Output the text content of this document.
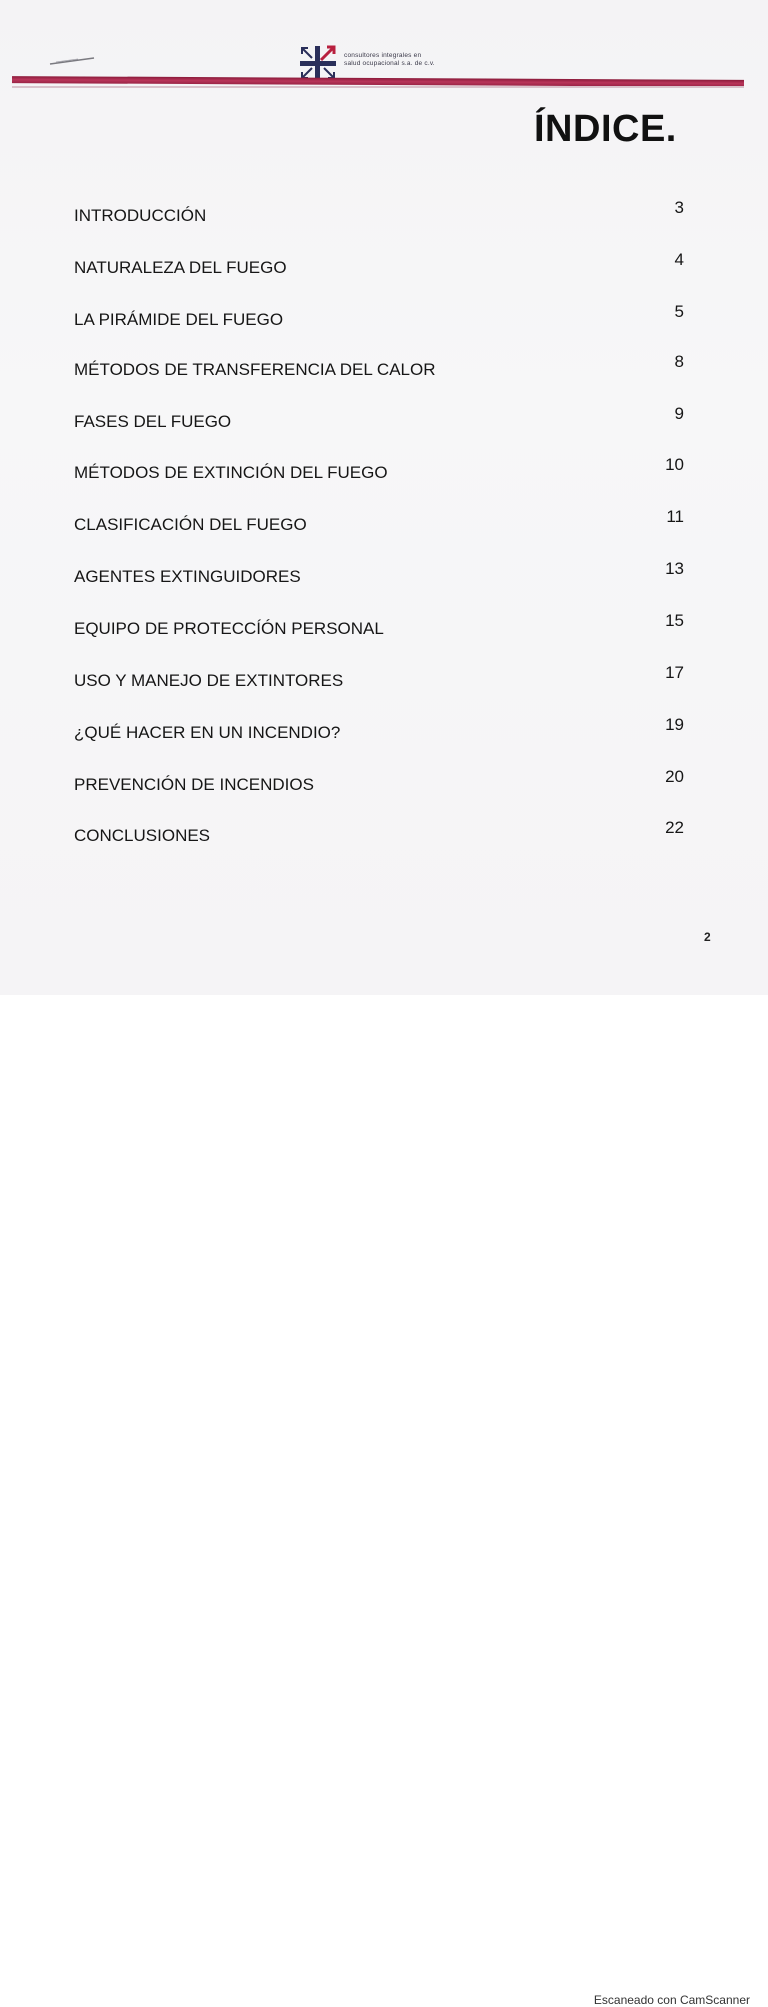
consultores integrales en
salud ocupacional s.a. de c.v.
ÍNDICE.
INTRODUCCIÓN	3
NATURALEZA DEL FUEGO	4
LA PIRÁMIDE DEL FUEGO	5
MÉTODOS DE TRANSFERENCIA DEL CALOR	8
FASES DEL FUEGO	9
MÉTODOS DE EXTINCIÓN DEL FUEGO	10
CLASIFICACIÓN DEL FUEGO	11
AGENTES EXTINGUIDORES	13
EQUIPO DE PROTECCÍÓN PERSONAL	15
USO Y MANEJO DE EXTINTORES	17
¿QUÉ HACER EN UN INCENDIO?	19
PREVENCIÓN DE INCENDIOS	20
CONCLUSIONES	22
2
Escaneado con CamScanner
